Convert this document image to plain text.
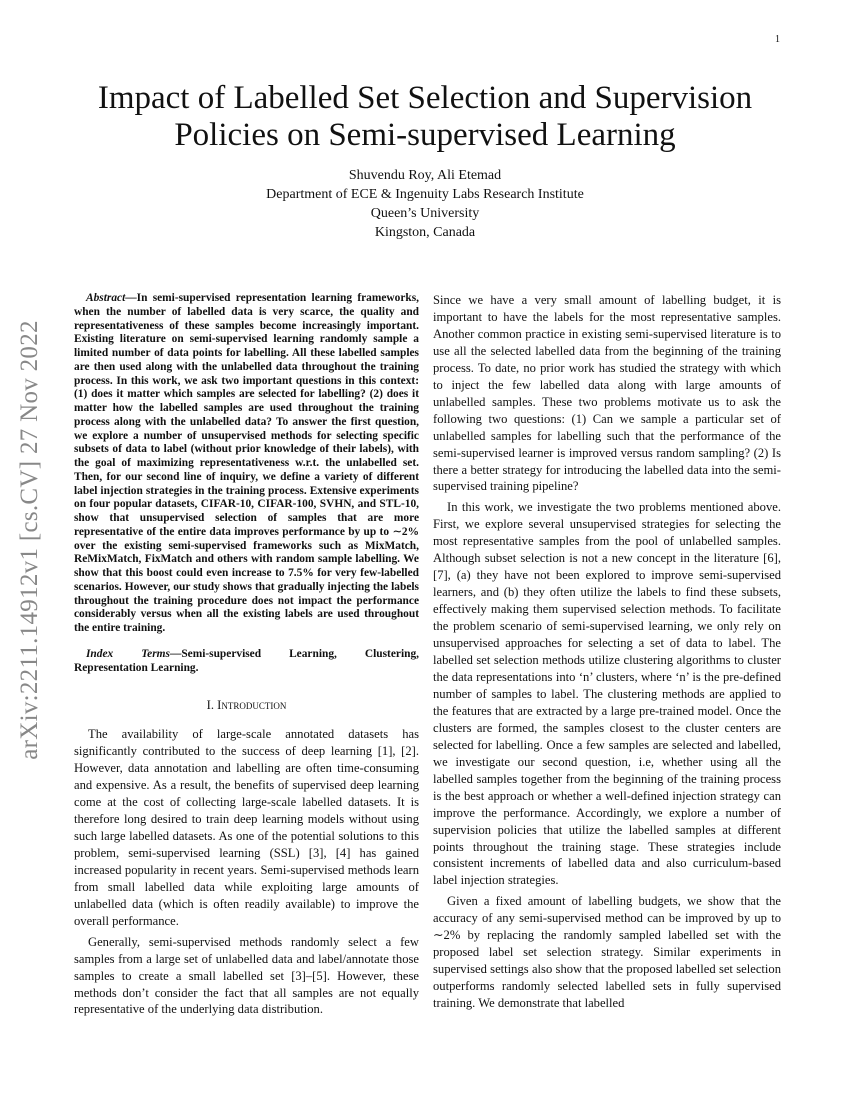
1
arXiv:2211.14912v1 [cs.CV] 27 Nov 2022
Impact of Labelled Set Selection and Supervision Policies on Semi-supervised Learning
Shuvendu Roy, Ali Etemad
Department of ECE & Ingenuity Labs Research Institute
Queen’s University
Kingston, Canada

Abstract—In semi-supervised representation learning frameworks, when the number of labelled data is very scarce, the quality and representativeness of these samples become increasingly important. Existing literature on semi-supervised learning randomly sample a limited number of data points for labelling. All these labelled samples are then used along with the unlabelled data throughout the training process. In this work, we ask two important questions in this context: (1) does it matter which samples are selected for labelling? (2) does it matter how the labelled samples are used throughout the training process along with the unlabelled data? To answer the first question, we explore a number of unsupervised methods for selecting specific subsets of data to label (without prior knowledge of their labels), with the goal of maximizing representativeness w.r.t. the unlabelled set. Then, for our second line of inquiry, we define a variety of different label injection strategies in the training process. Extensive experiments on four popular datasets, CIFAR-10, CIFAR-100, SVHN, and STL-10, show that unsupervised selection of samples that are more representative of the entire data improves performance by up to ∼2% over the existing semi-supervised frameworks such as MixMatch, ReMixMatch, FixMatch and others with random sample labelling. We show that this boost could even increase to 7.5% for very few-labelled scenarios. However, our study shows that gradually injecting the labels throughout the training procedure does not impact the performance considerably versus when all the existing labels are used throughout the entire training.

Index Terms—Semi-supervised Learning, Clustering, Representation Learning.

I. Introduction

The availability of large-scale annotated datasets has significantly contributed to the success of deep learning [1], [2]. However, data annotation and labelling are often time-consuming and expensive. As a result, the benefits of supervised deep learning come at the cost of collecting large-scale labelled datasets. It is therefore long desired to train deep learning models without using such large labelled datasets. As one of the potential solutions to this problem, semi-supervised learning (SSL) [3], [4] has gained increased popularity in recent years. Semi-supervised methods learn from small labelled data while exploiting large amounts of unlabelled data (which is often readily available) to improve the overall performance.

Generally, semi-supervised methods randomly select a few samples from a large set of unlabelled data and label/annotate those samples to create a small labelled set [3]–[5]. However, these methods don’t consider the fact that all samples are not equally representative of the underlying data distribution.

Since we have a very small amount of labelling budget, it is important to have the labels for the most representative samples. Another common practice in existing semi-supervised literature is to use all the selected labelled data from the beginning of the training process. To date, no prior work has studied the strategy with which to inject the few labelled data along with large amounts of unlabelled samples. These two problems motivate us to ask the following two questions: (1) Can we sample a particular set of unlabelled samples for labelling such that the performance of the semi-supervised learner is improved versus random sampling? (2) Is there a better strategy for introducing the labelled data into the semi-supervised training pipeline?

In this work, we investigate the two problems mentioned above. First, we explore several unsupervised strategies for selecting the most representative samples from the pool of unlabelled samples. Although subset selection is not a new concept in the literature [6], [7], (a) they have not been explored to improve semi-supervised learners, and (b) they often utilize the labels to find these subsets, effectively making them supervised selection methods. To facilitate the problem scenario of semi-supervised learning, we only rely on unsupervised approaches for selecting a set of data to label. The labelled set selection methods utilize clustering algorithms to cluster the data representations into ‘n’ clusters, where ‘n’ is the pre-defined number of samples to label. The clustering methods are applied to the features that are extracted by a large pre-trained model. Once the clusters are formed, the samples closest to the cluster centers are selected for labelling. Once a few samples are selected and labelled, we investigate our second question, i.e, whether using all the labelled samples together from the beginning of the training process is the best approach or whether a well-defined injection strategy can improve the performance. Accordingly, we explore a number of supervision policies that utilize the labelled samples at different points throughout the training stage. These strategies include consistent increments of labelled data and also curriculum-based label injection strategies.

Given a fixed amount of labelling budgets, we show that the accuracy of any semi-supervised method can be improved by up to ∼2% by replacing the randomly sampled labelled set with the proposed label set selection strategy. Similar experiments in supervised settings also show that the proposed labelled set selection outperforms randomly selected labelled sets in fully supervised training. We demonstrate that labelled
